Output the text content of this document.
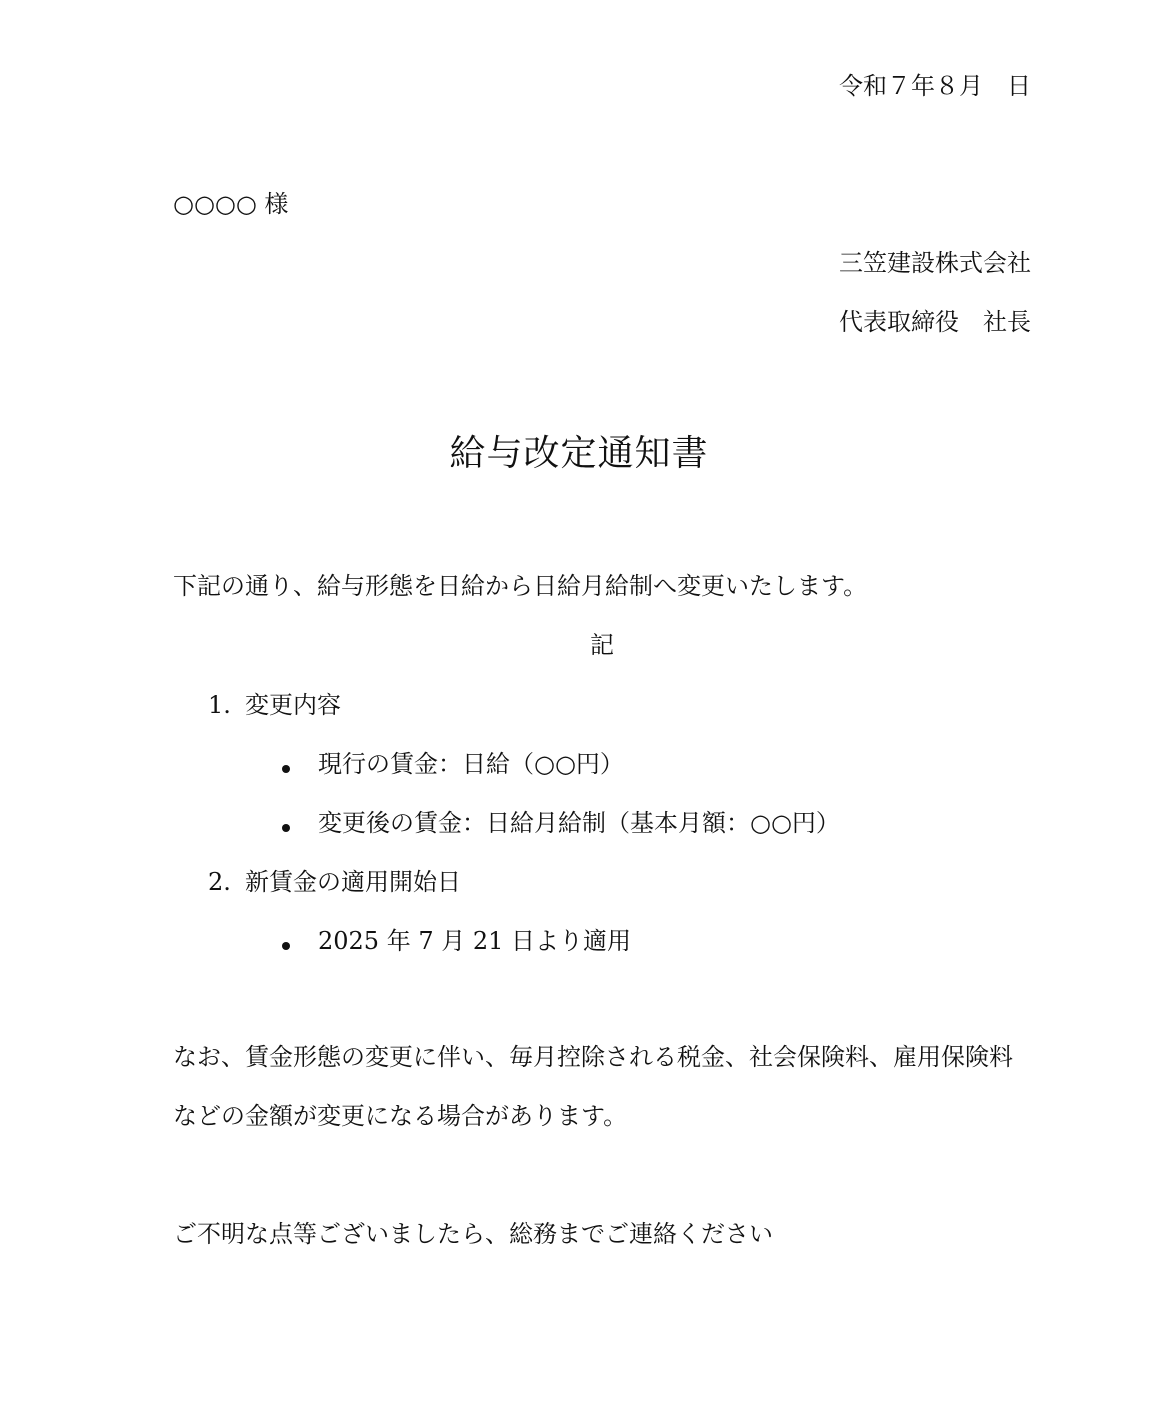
令和７年８月　日
○○○○ 様
三笠建設株式会社
代表取締役　社長
給与改定通知書
下記の通り、給与形態を日給から日給月給制へ変更いたします。
記
1. 変更内容
現行の賃金：日給（○○円）
変更後の賃金：日給月給制（基本月額：○○円）
2. 新賃金の適用開始日
2025 年 7 月 21 日より適用
なお、賃金形態の変更に伴い、毎月控除される税金、社会保険料、雇用保険料などの金額が変更になる場合があります。
ご不明な点等ございましたら、総務までご連絡ください
